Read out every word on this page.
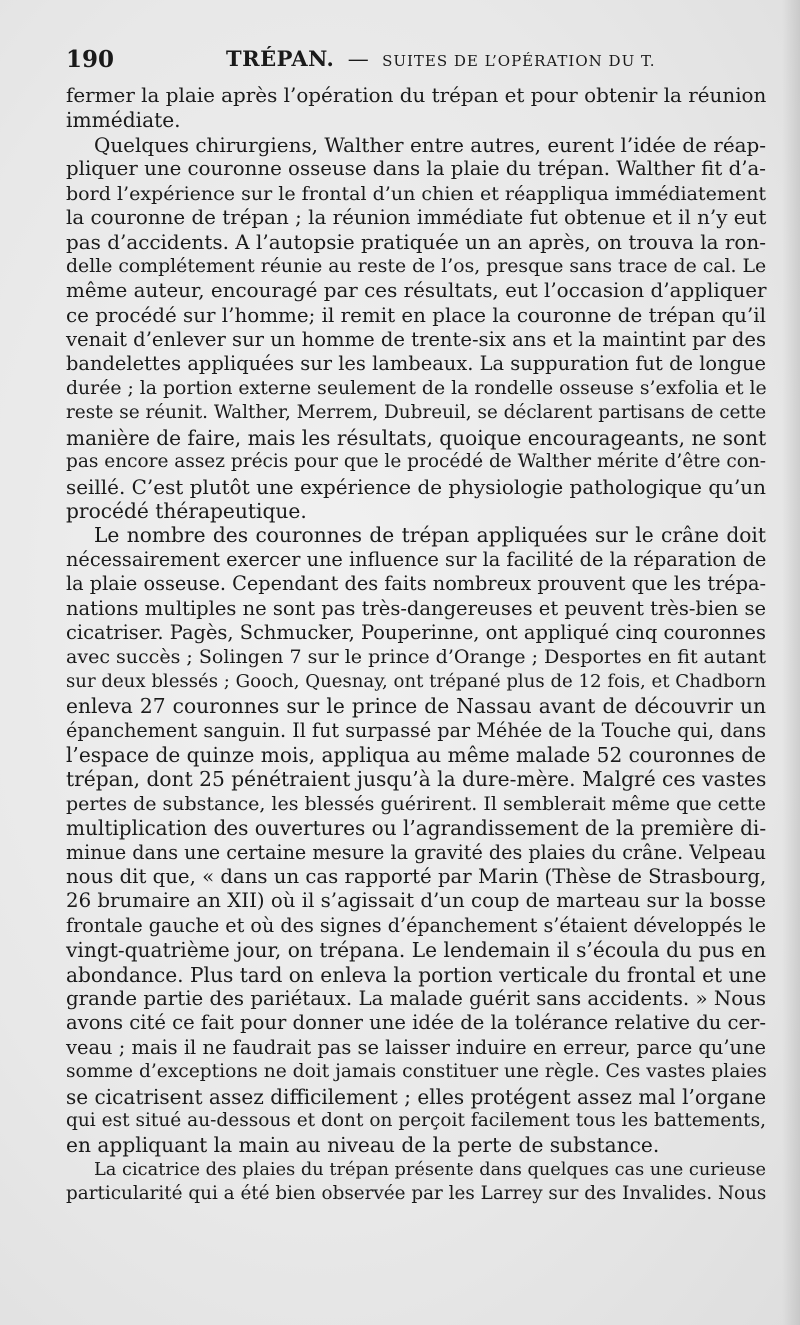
190	TRÉPAN. — SUITES DE L’OPÉRATION DU T.

fermer la plaie après l’opération du trépan et pour obtenir la réunion
immédiate.

Quelques chirurgiens, Walther entre autres, eurent l’idée de réap-
pliquer une couronne osseuse dans la plaie du trépan. Walther fit d’a-
bord l’expérience sur le frontal d’un chien et réappliqua immédiatement
la couronne de trépan ; la réunion immédiate fut obtenue et il n’y eut
pas d’accidents. A l’autopsie pratiquée un an après, on trouva la ron-
delle complétement réunie au reste de l’os, presque sans trace de cal. Le
même auteur, encouragé par ces résultats, eut l’occasion d’appliquer
ce procédé sur l’homme; il remit en place la couronne de trépan qu’il
venait d’enlever sur un homme de trente-six ans et la maintint par des
bandelettes appliquées sur les lambeaux. La suppuration fut de longue
durée ; la portion externe seulement de la rondelle osseuse s’exfolia et le
reste se réunit. Walther, Merrem, Dubreuil, se déclarent partisans de cette
manière de faire, mais les résultats, quoique encourageants, ne sont
pas encore assez précis pour que le procédé de Walther mérite d’être con-
seillé. C’est plutôt une expérience de physiologie pathologique qu’un
procédé thérapeutique.

Le nombre des couronnes de trépan appliquées sur le crâne doit
nécessairement exercer une influence sur la facilité de la réparation de
la plaie osseuse. Cependant des faits nombreux prouvent que les trépa-
nations multiples ne sont pas très-dangereuses et peuvent très-bien se
cicatriser. Pagès, Schmucker, Pouperinne, ont appliqué cinq couronnes
avec succès ; Solingen 7 sur le prince d’Orange ; Desportes en fit autant
sur deux blessés ; Gooch, Quesnay, ont trépané plus de 12 fois, et Chadborn
enleva 27 couronnes sur le prince de Nassau avant de découvrir un
épanchement sanguin. Il fut surpassé par Méhée de la Touche qui, dans
l’espace de quinze mois, appliqua au même malade 52 couronnes de
trépan, dont 25 pénétraient jusqu’à la dure-mère. Malgré ces vastes
pertes de substance, les blessés guérirent. Il semblerait même que cette
multiplication des ouvertures ou l’agrandissement de la première di-
minue dans une certaine mesure la gravité des plaies du crâne. Velpeau
nous dit que, « dans un cas rapporté par Marin (Thèse de Strasbourg,
26 brumaire an XII) où il s’agissait d’un coup de marteau sur la bosse
frontale gauche et où des signes d’épanchement s’étaient développés le
vingt-quatrième jour, on trépana. Le lendemain il s’écoula du pus en
abondance. Plus tard on enleva la portion verticale du frontal et une
grande partie des pariétaux. La malade guérit sans accidents. » Nous
avons cité ce fait pour donner une idée de la tolérance relative du cer-
veau ; mais il ne faudrait pas se laisser induire en erreur, parce qu’une
somme d’exceptions ne doit jamais constituer une règle. Ces vastes plaies
se cicatrisent assez difficilement ; elles protégent assez mal l’organe
qui est situé au-dessous et dont on perçoit facilement tous les battements,
en appliquant la main au niveau de la perte de substance.

La cicatrice des plaies du trépan présente dans quelques cas une curieuse
particularité qui a été bien observée par les Larrey sur des Invalides. Nous
